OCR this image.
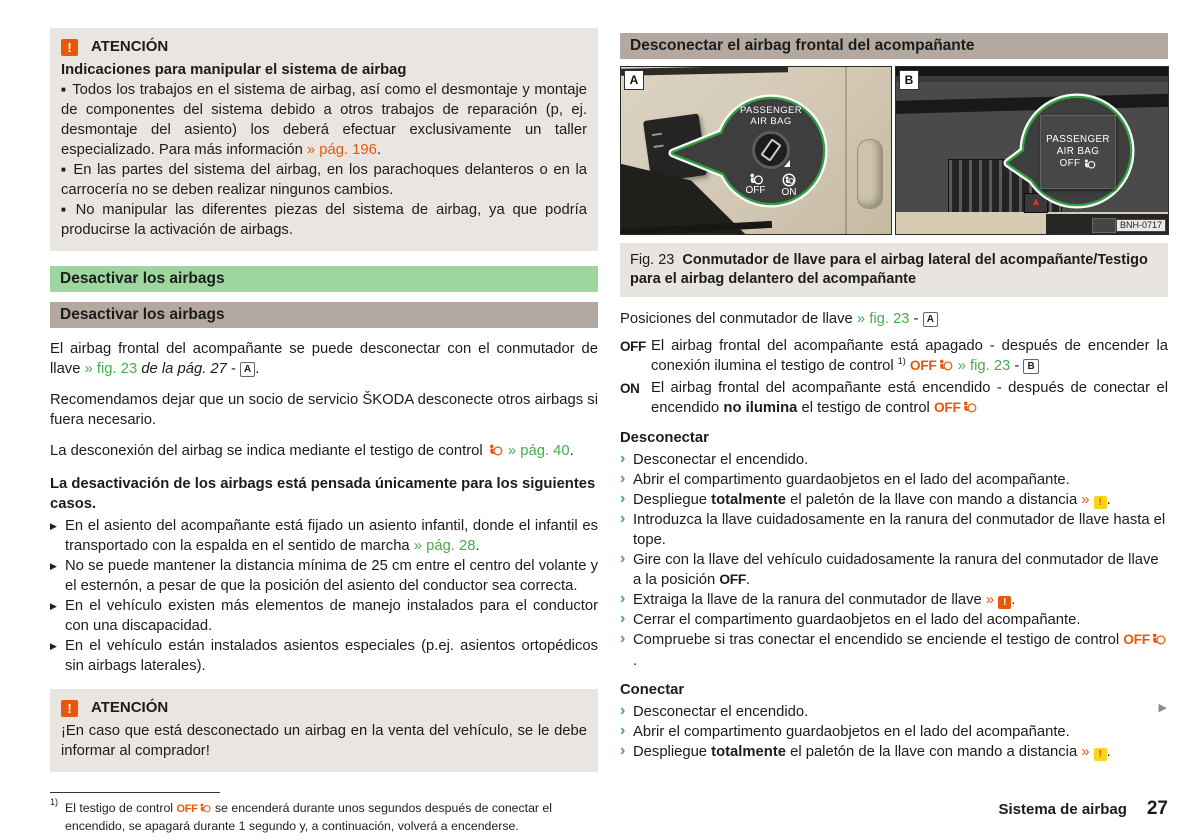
!	ATENCIÓN
Indicaciones para manipular el sistema de airbag
■ Todos los trabajos en el sistema de airbag, así como el desmontaje y montaje de componentes del sistema debido a otros trabajos de reparación (p, ej. desmontaje del asiento) los deberá efectuar exclusivamente un taller especializado. Para más información » pág. 196.
■ En las partes del sistema del airbag, en los parachoques delanteros o en la carrocería no se deben realizar ningunos cambios.
■ No manipular las diferentes piezas del sistema de airbag, ya que podría producirse la activación de airbags.
Desactivar los airbags
Desactivar los airbags

El airbag frontal del acompañante se puede desconectar con el conmutador de llave » fig. 23 de la pág. 27 - A .

Recomendamos dejar que un socio de servicio ŠKODA desconecte otros airbags si fuera necesario.

La desconexión del airbag se indica mediante el testigo de control  » pág. 40.

La desactivación de los airbags está pensada únicamente para los siguientes casos.
▶ En el asiento del acompañante está fijado un asiento infantil, donde el infantil es transportado con la espalda en el sentido de marcha » pág. 28.
▶ No se puede mantener la distancia mínima de 25 cm entre el centro del volante y el esternón, a pesar de que la posición del asiento del conductor sea correcta.
▶ En el vehículo existen más elementos de manejo instalados para el conductor con una discapacidad.
▶ En el vehículo están instalados asientos especiales (p.ej. asientos ortopédicos sin airbags laterales).
!	ATENCIÓN
¡En caso que está desconectado un airbag en la venta del vehículo, se le debe informar al comprador!
1) El testigo de control OFF se encenderá durante unos segundos después de conectar el encendido, se apagará durante 1 segundo y, a continuación, volverá a encenderse.
Desconectar el airbag frontal del acompañante
PASSENGER
AIR BAG
OFF ON
A
▲
PASSENGER
AIR BAG
OFF
B
BNH-0717
Fig. 23 Conmutador de llave para el airbag lateral del acompañante/Testigo para el airbag delantero del acompañante
Posiciones del conmutador de llave » fig. 23 - A
OFF El airbag frontal del acompañante está apagado - después de encender la conexión ilumina el testigo de control $^{1)}$ OFF » fig. 23 - B
ON El airbag frontal del acompañante está encendido - después de conectar el encendido no ilumina el testigo de control OFF
Desconectar
› Desconectar el encendido.
› Abrir el compartimento guardaobjetos en el lado del acompañante.
› Despliegue totalmente el paletón de la llave con mando a distancia » ! .
› Introduzca la llave cuidadosamente en la ranura del conmutador de llave hasta el tope.
› Gire con la llave del vehículo cuidadosamente la ranura del conmutador de llave a la posición OFF.
› Extraiga la llave de la ranura del conmutador de llave » ! .
› Cerrar el compartimento guardaobjetos en el lado del acompañante.
› Compruebe si tras conectar el encendido se enciende el testigo de control OFF.
Conectar
› Desconectar el encendido.
› Abrir el compartimento guardaobjetos en el lado del acompañante.
› Despliegue totalmente el paletón de la llave con mando a distancia » ! .
▶
Sistema de airbag 27
